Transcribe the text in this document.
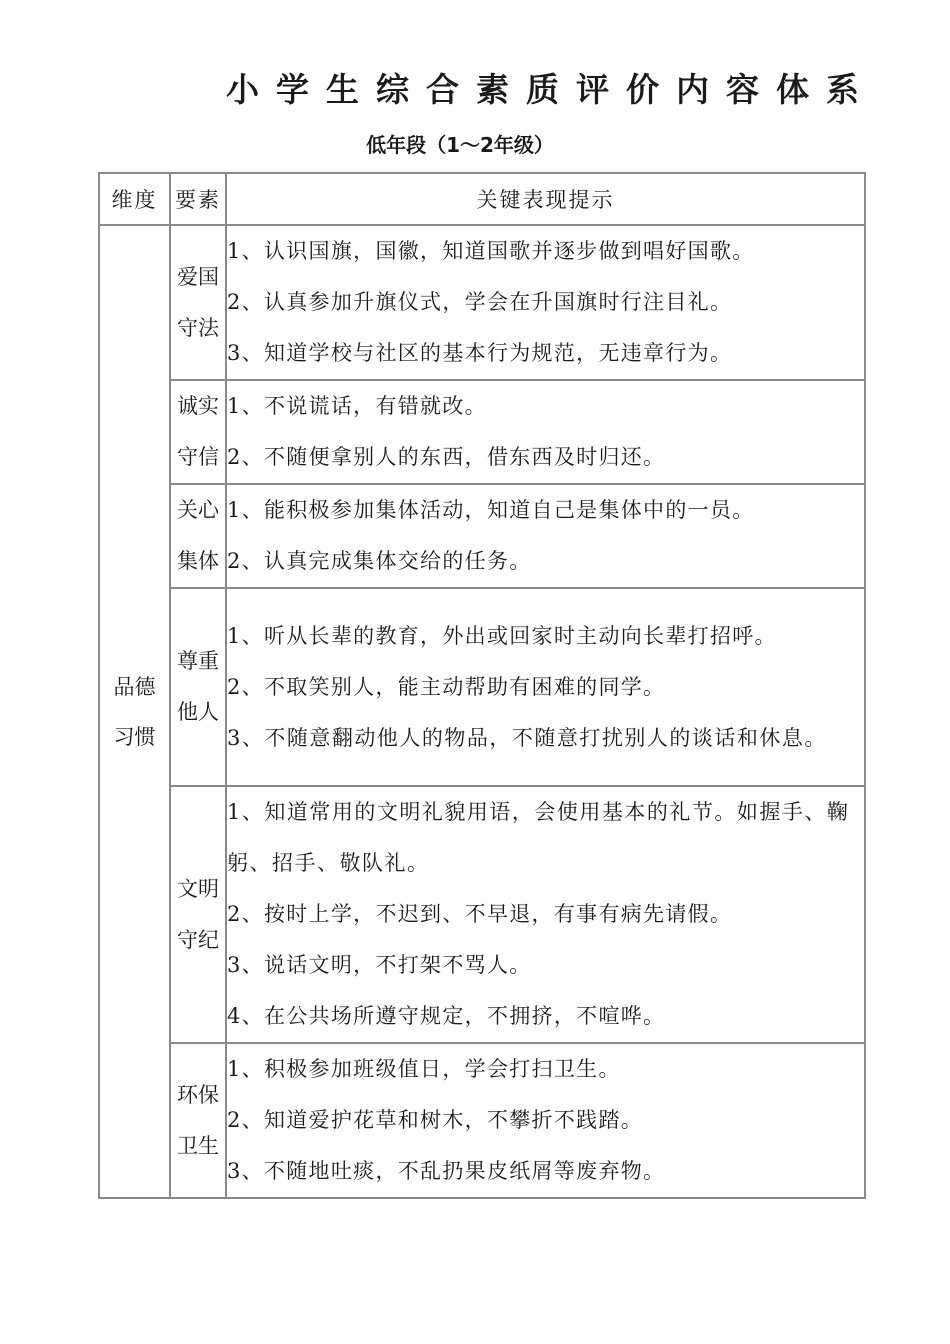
小学生综合素质评价内容体系
低年段（1～2年级）
维度	要素	关键表现提示

品德习惯	爱国守法	1、认识国旗，国徽，知道国歌并逐步做到唱好国歌。
2、认真参加升旗仪式，学会在升国旗时行注目礼。
3、知道学校与社区的基本行为规范，无违章行为。

	诚实守信	1、不说谎话，有错就改。
2、不随便拿别人的东西，借东西及时归还。

	关心集体	1、能积极参加集体活动，知道自己是集体中的一员。
2、认真完成集体交给的任务。

	尊重他人	1、听从长辈的教育，外出或回家时主动向长辈打招呼。
2、不取笑别人，能主动帮助有困难的同学。
3、不随意翻动他人的物品，不随意打扰别人的谈话和休息。

	文明守纪	1、知道常用的文明礼貌用语，会使用基本的礼节。如握手、鞠躬、招手、敬队礼。
2、按时上学，不迟到、不早退，有事有病先请假。
3、说话文明，不打架不骂人。
4、在公共场所遵守规定，不拥挤，不喧哗。

	环保卫生	1、积极参加班级值日，学会打扫卫生。
2、知道爱护花草和树木，不攀折不践踏。
3、不随地吐痰，不乱扔果皮纸屑等废弃物。
